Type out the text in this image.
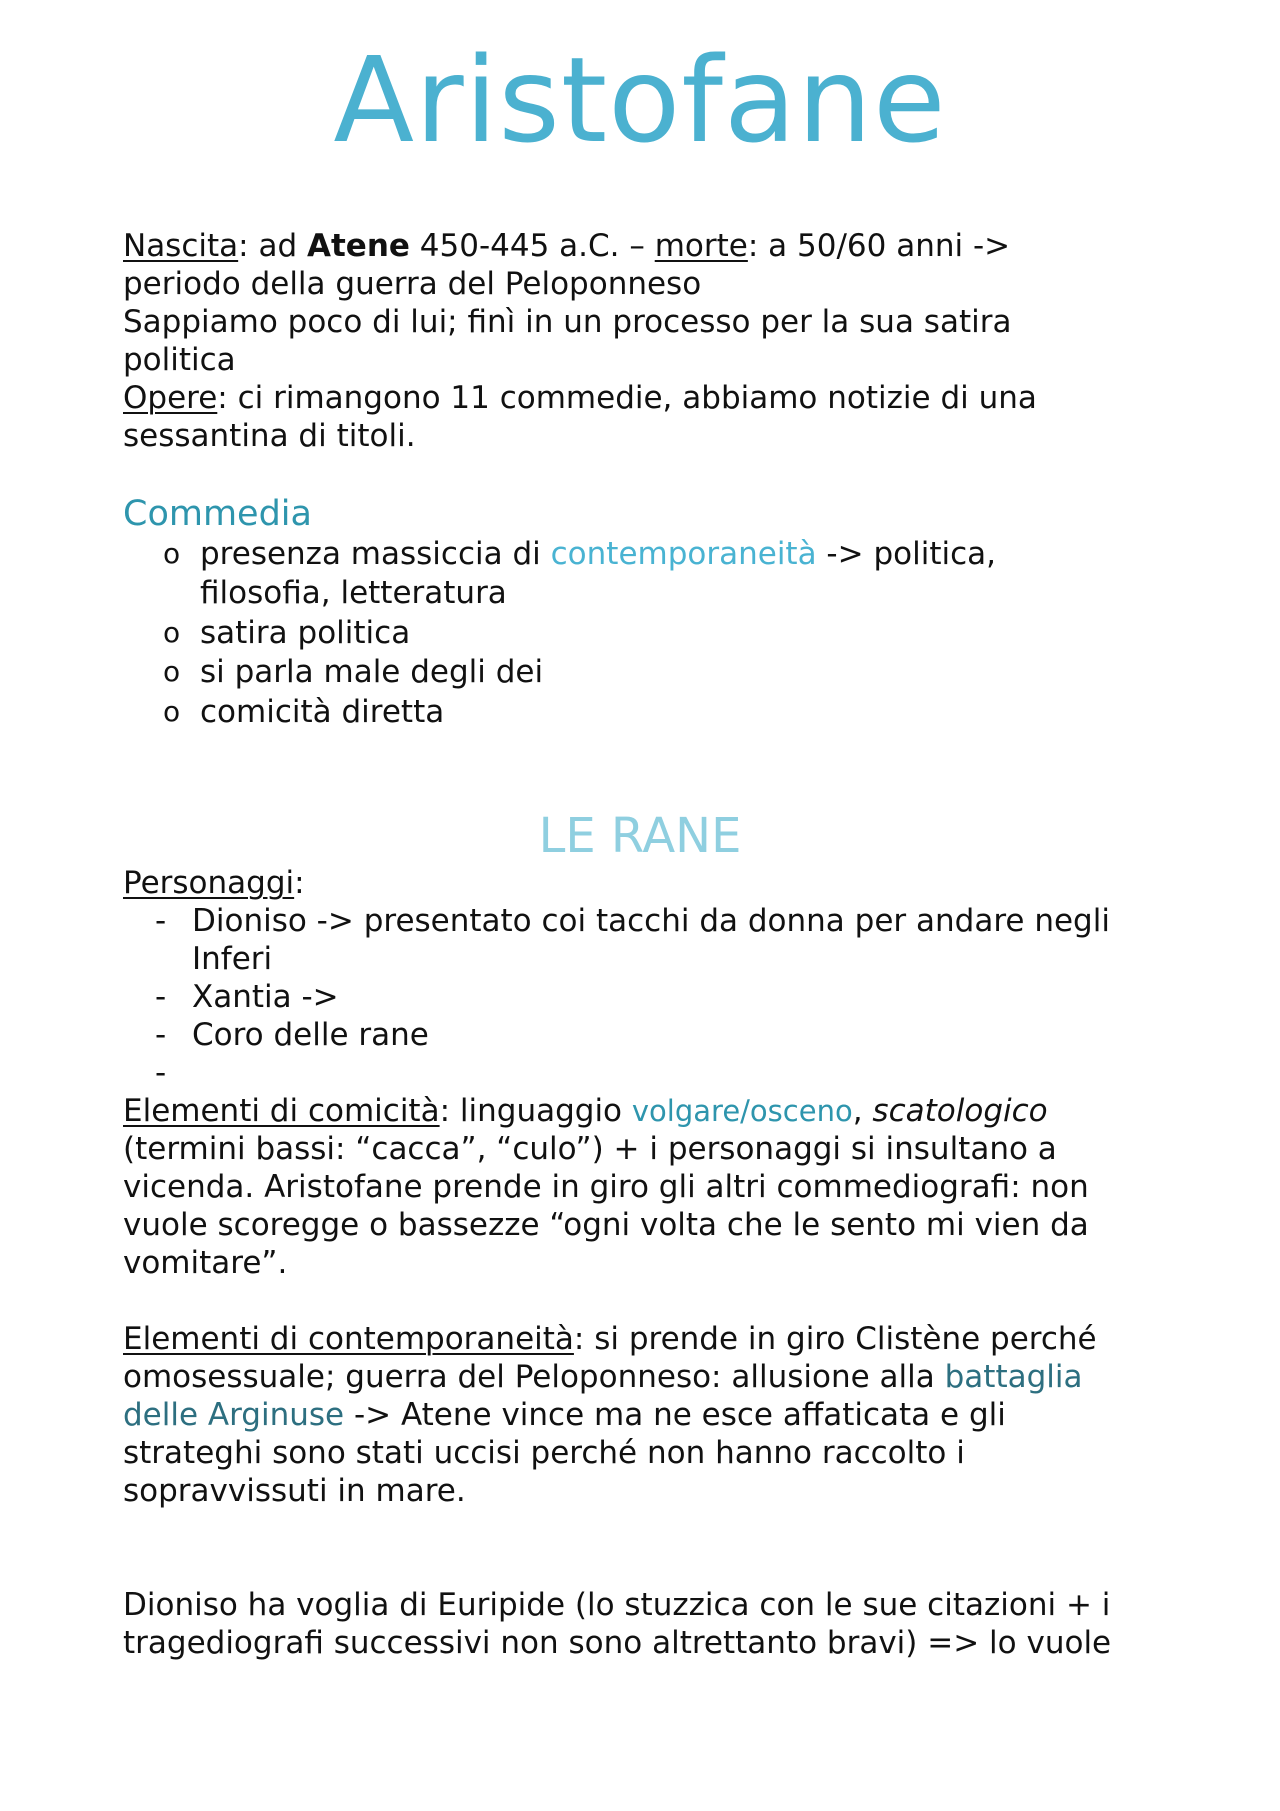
Aristofane
Nascita: ad Atene 450-445 a.C. – morte: a 50/60 anni ->
periodo della guerra del Peloponneso
Sappiamo poco di lui; finì in un processo per la sua satira
politica
Opere: ci rimangono 11 commedie, abbiamo notizie di una
sessantina di titoli.
Commedia
o presenza massiccia di contemporaneità -> politica,
filosofia, letteratura
o satira politica
o si parla male degli dei
o comicità diretta
LE RANE
Personaggi:
- Dioniso -> presentato coi tacchi da donna per andare negli
Inferi
- Xantia ->
- Coro delle rane
-
Elementi di comicità: linguaggio volgare/osceno, scatologico
(termini bassi: “cacca”, “culo”) + i personaggi si insultano a
vicenda. Aristofane prende in giro gli altri commediografi: non
vuole scoregge o bassezze “ogni volta che le sento mi vien da
vomitare”.
Elementi di contemporaneità: si prende in giro Clistène perché
omosessuale; guerra del Peloponneso: allusione alla battaglia
delle Arginuse -> Atene vince ma ne esce affaticata e gli
strateghi sono stati uccisi perché non hanno raccolto i
sopravvissuti in mare.
Dioniso ha voglia di Euripide (lo stuzzica con le sue citazioni + i
tragediografi successivi non sono altrettanto bravi) => lo vuole
